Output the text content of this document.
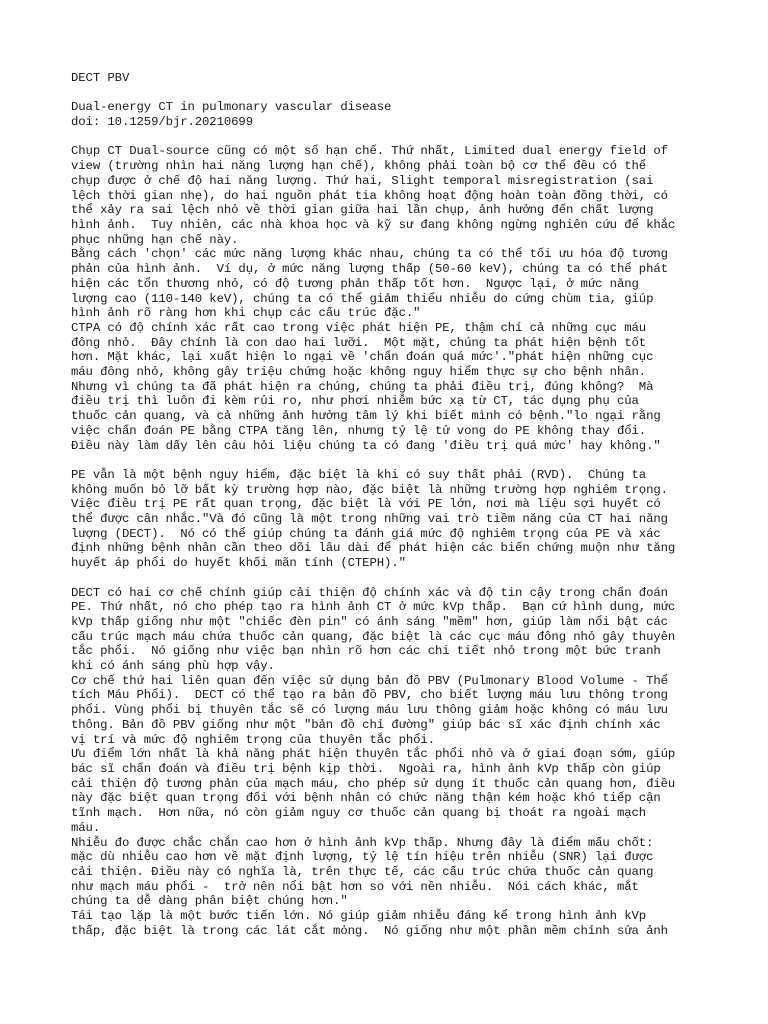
DECT PBV
Dual-energy CT in pulmonary vascular disease
doi: 10.1259/bjr.20210699
Chụp CT Dual-source cũng có một số hạn chế. Thứ nhất, Limited dual energy field of
view (trường nhìn hai năng lượng hạn chế), không phải toàn bộ cơ thể đều có thể
chụp được ở chế độ hai năng lượng. Thứ hai, Slight temporal misregistration (sai
lệch thời gian nhẹ), do hai nguồn phát tia không hoạt động hoàn toàn đồng thời, có
thể xảy ra sai lệch nhỏ về thời gian giữa hai lần chụp, ảnh hưởng đến chất lượng
hình ảnh.  Tuy nhiên, các nhà khoa học và kỹ sư đang không ngừng nghiên cứu để khắc
phục những hạn chế này.
Bằng cách 'chọn' các mức năng lượng khác nhau, chúng ta có thể tối ưu hóa độ tương
phản của hình ảnh.  Ví dụ, ở mức năng lượng thấp (50-60 keV), chúng ta có thể phát
hiện các tổn thương nhỏ, có độ tương phản thấp tốt hơn.  Ngược lại, ở mức năng
lượng cao (110-140 keV), chúng ta có thể giảm thiểu nhiễu do cứng chùm tia, giúp
hình ảnh rõ ràng hơn khi chụp các cấu trúc đặc."
CTPA có độ chính xác rất cao trong việc phát hiện PE, thậm chí cả những cục máu
đông nhỏ.  Đây chính là con dao hai lưỡi.  Một mặt, chúng ta phát hiện bệnh tốt
hơn. Mặt khác, lại xuất hiện lo ngại về 'chẩn đoán quá mức'."phát hiện những cục
máu đông nhỏ, không gây triệu chứng hoặc không nguy hiểm thực sự cho bệnh nhân.
Nhưng vì chúng ta đã phát hiện ra chúng, chúng ta phải điều trị, đúng không?  Mà
điều trị thì luôn đi kèm rủi ro, như phơi nhiễm bức xạ từ CT, tác dụng phụ của
thuốc cản quang, và cả những ảnh hưởng tâm lý khi biết mình có bệnh."lo ngại rằng
việc chẩn đoán PE bằng CTPA tăng lên, nhưng tỷ lệ tử vong do PE không thay đổi.
Điều này làm dấy lên câu hỏi liệu chúng ta có đang 'điều trị quá mức' hay không."
PE vẫn là một bệnh nguy hiểm, đặc biệt là khi có suy thất phải (RVD).  Chúng ta
không muốn bỏ lỡ bất kỳ trường hợp nào, đặc biệt là những trường hợp nghiêm trọng.
Việc điều trị PE rất quan trọng, đặc biệt là với PE lớn, nơi mà liệu sợi huyết có
thể được cân nhắc."Và đó cũng là một trong những vai trò tiềm năng của CT hai năng
lượng (DECT).  Nó có thể giúp chúng ta đánh giá mức độ nghiêm trọng của PE và xác
định những bệnh nhân cần theo dõi lâu dài để phát hiện các biến chứng muộn như tăng
huyết áp phổi do huyết khối mãn tính (CTEPH)."
DECT có hai cơ chế chính giúp cải thiện độ chính xác và độ tin cậy trong chẩn đoán
PE. Thứ nhất, nó cho phép tạo ra hình ảnh CT ở mức kVp thấp.  Bạn cứ hình dung, mức
kVp thấp giống như một "chiếc đèn pin" có ánh sáng "mềm" hơn, giúp làm nổi bật các
cấu trúc mạch máu chứa thuốc cản quang, đặc biệt là các cục máu đông nhỏ gây thuyên
tắc phổi.  Nó giống như việc bạn nhìn rõ hơn các chi tiết nhỏ trong một bức tranh
khi có ánh sáng phù hợp vậy.
Cơ chế thứ hai liên quan đến việc sử dụng bản đồ PBV (Pulmonary Blood Volume - Thể
tích Máu Phổi).  DECT có thể tạo ra bản đồ PBV, cho biết lượng máu lưu thông trong
phổi. Vùng phổi bị thuyên tắc sẽ có lượng máu lưu thông giảm hoặc không có máu lưu
thông. Bản đồ PBV giống như một "bản đồ chỉ đường" giúp bác sĩ xác định chính xác
vị trí và mức độ nghiêm trọng của thuyên tắc phổi.
Ưu điểm lớn nhất là khả năng phát hiện thuyên tắc phổi nhỏ và ở giai đoạn sớm, giúp
bác sĩ chẩn đoán và điều trị bệnh kịp thời.  Ngoài ra, hình ảnh kVp thấp còn giúp
cải thiện độ tương phản của mạch máu, cho phép sử dụng ít thuốc cản quang hơn, điều
này đặc biệt quan trọng đối với bệnh nhân có chức năng thận kém hoặc khó tiếp cận
tĩnh mạch.  Hơn nữa, nó còn giảm nguy cơ thuốc cản quang bị thoát ra ngoài mạch
máu.
Nhiễu đo được chắc chắn cao hơn ở hình ảnh kVp thấp. Nhưng đây là điểm mấu chốt:
mặc dù nhiễu cao hơn về mặt định lượng, tỷ lệ tín hiệu trên nhiễu (SNR) lại được
cải thiện. Điều này có nghĩa là, trên thực tế, các cấu trúc chứa thuốc cản quang
như mạch máu phổi -  trở nên nổi bật hơn so với nền nhiễu.  Nói cách khác, mắt
chúng ta dễ dàng phân biệt chúng hơn."
Tái tạo lặp là một bước tiến lớn. Nó giúp giảm nhiễu đáng kể trong hình ảnh kVp
thấp, đặc biệt là trong các lát cắt mỏng.  Nó giống như một phần mềm chỉnh sửa ảnh
